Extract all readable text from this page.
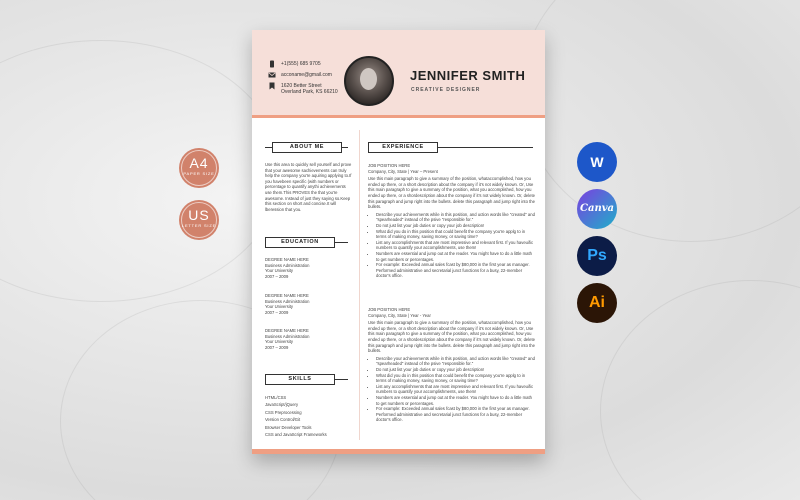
A4
PAPER SIZE
US
LETTER SIZE
W
Canva
Ps
Ai
+1(555) 685 9705
acconame@gmail.com
1620 Better Street
Overland Park, KS 66210
JENNIFER SMITH
CREATIVE DESIGNER
ABOUT ME
Use this area to quickly sell yourself and prove that your awesome sachievements can truly help the company you're aquiring applying to.If you havebeen specific (with numbers or percentage to quantify anythi achievements use them.This PROVES the that you're awesome. Instead of just they saying so.Keep this section on short and concise.It will lberession that you.
EDUCATION
DEGREE NAME HERE
Business Administration
Your University
2007 – 2009
DEGREE NAME HERE
Business Administration
Your University
2007 – 2009
DEGREE NAME HERE
Business Administration
Your University
2007 – 2009
SKILLS
HTML/CSS
JavaScript/jQuery
CSS Preprocessing
Version Control/Git
Browser Developer Tools
CSS and JavaScript Frameworks
EXPERIENCE
JOB POSITION HERE
Company, City, State | Year – Present
Use this main paragraph to give a summary of the position, whataccomplished, how you ended up there, or a short description about the company if it's not widely known. Or, Use this main paragraph to give a summary of the position, what you accomplished, how you ended up there, or a shordescription about the company if it's not widely known. Or, delete this paragraph and jump right into the bullets. delete this paragraph and jump right into the bullets.
• Describe your achievements while in this position, and uction words like "created" and "spearheaded" instead of the psive "responsible for."
• Do not just list your job duties or copy your job description!
• What did you do in this position that could benefit the company you're applg to in terms of making money, saving money, or saving time?
• List any accomplishments that are most impressive and relevant first. If you haveuific numbers to quantify your accomplishments, use them!
• Numbers are essential and jump out at the reader. You might have to do a little math to get numbers or percentages.
• For example: Exceeded annual sales fcast by $80,000 in the first year as manager. Performed administrative and secretarial junct functions for a busy, 22-member doctor's office.
JOB POSITION HERE
Company, City, State | Year - Year
Use this main paragraph to give a summary of the position, whataccomplished, how you ended up there, or a short description about the company if it's not widely known. Or, Use this main paragraph to give a summary of the position, what you accomplished, how you ended up there, or a shordescription about the company if it's not widely known. Or, delete this paragraph and jump right into the bullets. delete this paragraph and jump right into the bullets.
• Describe your achievements while in this position, and uction words like "created" and "spearheaded" instead of the psive "responsible for."
• Do not just list your job duties or copy your job description!
• What did you do in this position that could benefit the company you're applg to in terms of making money, saving money, or saving time?
• List any accomplishments that are most impressive and relevant first. If you haveuific numbers to quantify your accomplishments, use them!
• Numbers are essential and jump out at the reader. You might have to do a little math to get numbers or percentages.
• For example: Exceeded annual sales fcast by $80,000 in the first year as manager. Performed administrative and secretarial junct functions for a busy, 22-member doctor's office.
